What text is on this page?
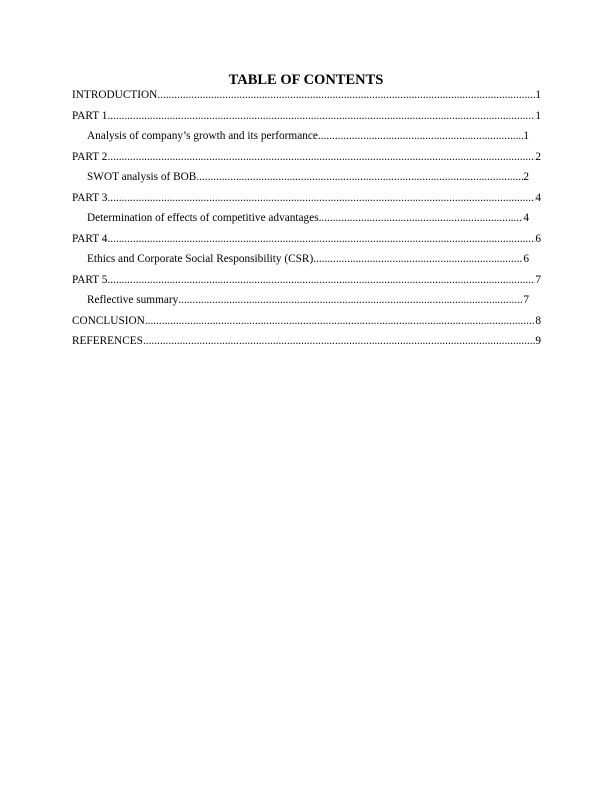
TABLE OF CONTENTS
INTRODUCTION .....	1
PART 1 .....	1
Analysis of company’s growth and its performance .....	1
PART 2 .....	2
SWOT analysis of BOB .....	2
PART 3 .....	4
Determination of effects of competitive advantages .....	4
PART 4 .....	6
Ethics and Corporate Social Responsibility (CSR) .....	6
PART 5 .....	7
Reflective summary .....	7
CONCLUSION .....	8
REFERENCES .....	9
